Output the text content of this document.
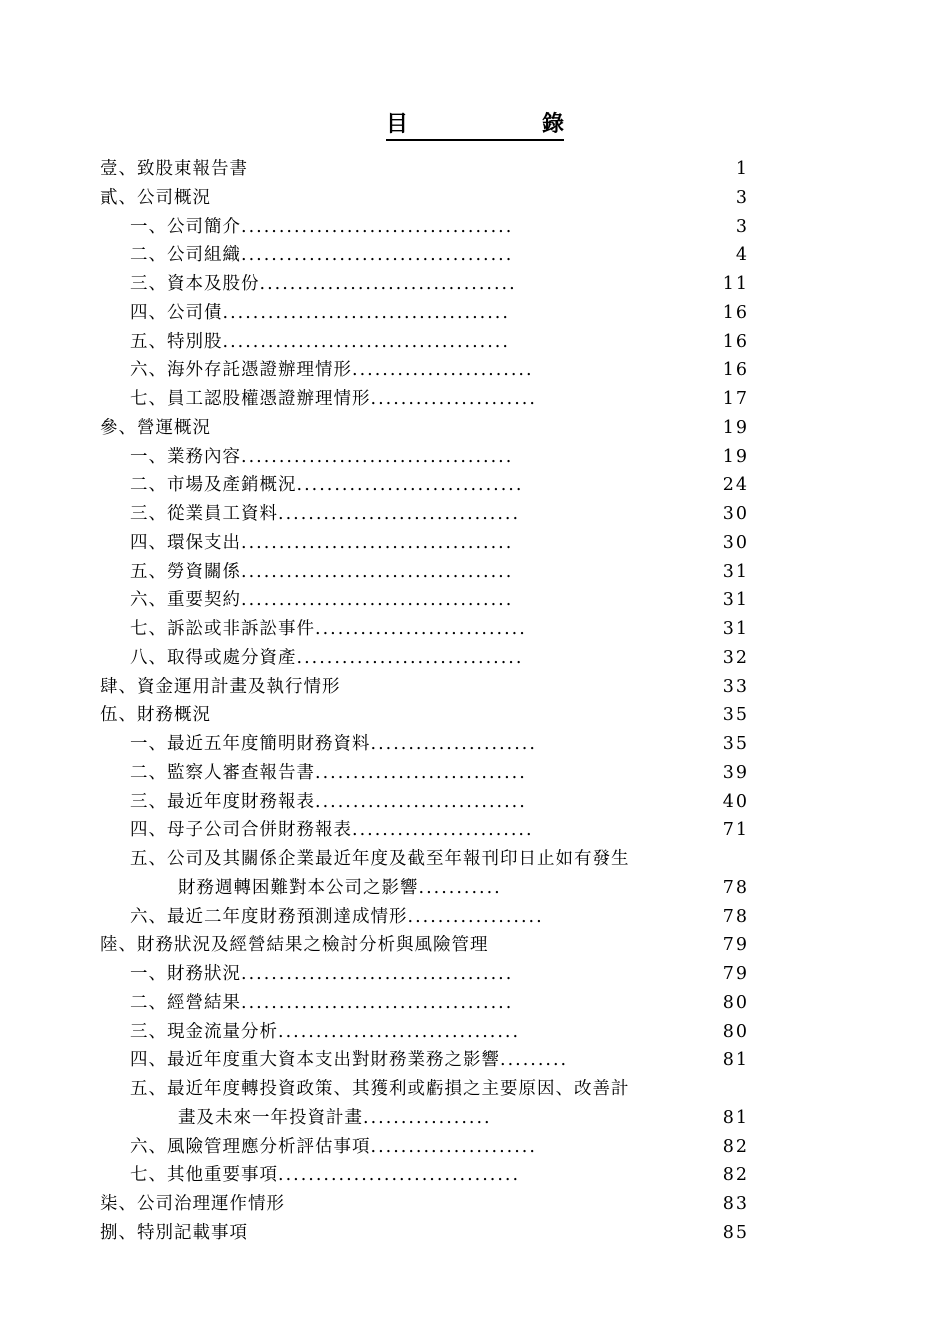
目	錄
壹、致股東報告書	1
貳、公司概況	3
一、公司簡介....................................	3
二、公司組織....................................	4
三、資本及股份..................................	11
四、公司債......................................	16
五、特別股......................................	16
六、海外存託憑證辦理情形........................	16
七、員工認股權憑證辦理情形......................	17
參、營運概況	19
一、業務內容....................................	19
二、市場及產銷概況..............................	24
三、從業員工資料................................	30
四、環保支出....................................	30
五、勞資關係....................................	31
六、重要契約....................................	31
七、訴訟或非訴訟事件............................	31
八、取得或處分資產..............................	32
肆、資金運用計畫及執行情形	33
伍、財務概況	35
一、最近五年度簡明財務資料......................	35
二、監察人審查報告書............................	39
三、最近年度財務報表............................	40
四、母子公司合併財務報表........................	71
五、公司及其關係企業最近年度及截至年報刊印日止如有發生
財務週轉困難對本公司之影響...........	78
六、最近二年度財務預測達成情形..................	78
陸、財務狀況及經營結果之檢討分析與風險管理	79
一、財務狀況....................................	79
二、經營結果....................................	80
三、現金流量分析................................	80
四、最近年度重大資本支出對財務業務之影響.........	81
五、最近年度轉投資政策、其獲利或虧損之主要原因、改善計
畫及未來一年投資計畫.................	81
六、風險管理應分析評估事項......................	82
七、其他重要事項................................	82
柒、公司治理運作情形	83
捌、特別記載事項	85
